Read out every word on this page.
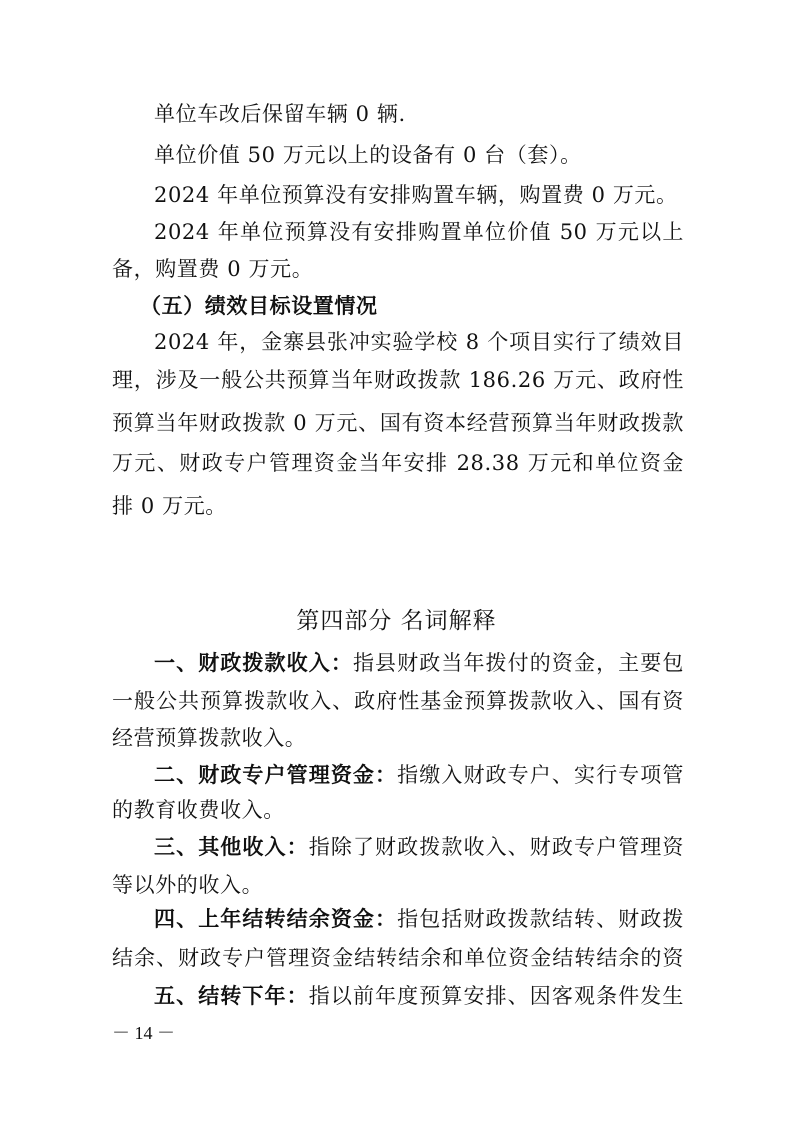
单位车改后保留车辆 0 辆.
单位价值 50 万元以上的设备有 0 台（套）。
2024 年单位预算没有安排购置车辆，购置费 0 万元。
2024 年单位预算没有安排购置单位价值 50 万元以上
备，购置费 0 万元。
（五）绩效目标设置情况
2024 年，金寨县张冲实验学校 8 个项目实行了绩效目
理，涉及一般公共预算当年财政拨款 186.26 万元、政府性
预算当年财政拨款 0 万元、国有资本经营预算当年财政拨款
万元、财政专户管理资金当年安排 28.38 万元和单位资金
排 0 万元。
第四部分 名词解释
一、财政拨款收入：指县财政当年拨付的资金，主要包
一般公共预算拨款收入、政府性基金预算拨款收入、国有资
经营预算拨款收入。
二、财政专户管理资金：指缴入财政专户、实行专项管
的教育收费收入。
三、其他收入：指除了财政拨款收入、财政专户管理资
等以外的收入。
四、上年结转结余资金：指包括财政拨款结转、财政拨
结余、财政专户管理资金结转结余和单位资金结转结余的资
五、结转下年：指以前年度预算安排、因客观条件发生
－ 14 －
